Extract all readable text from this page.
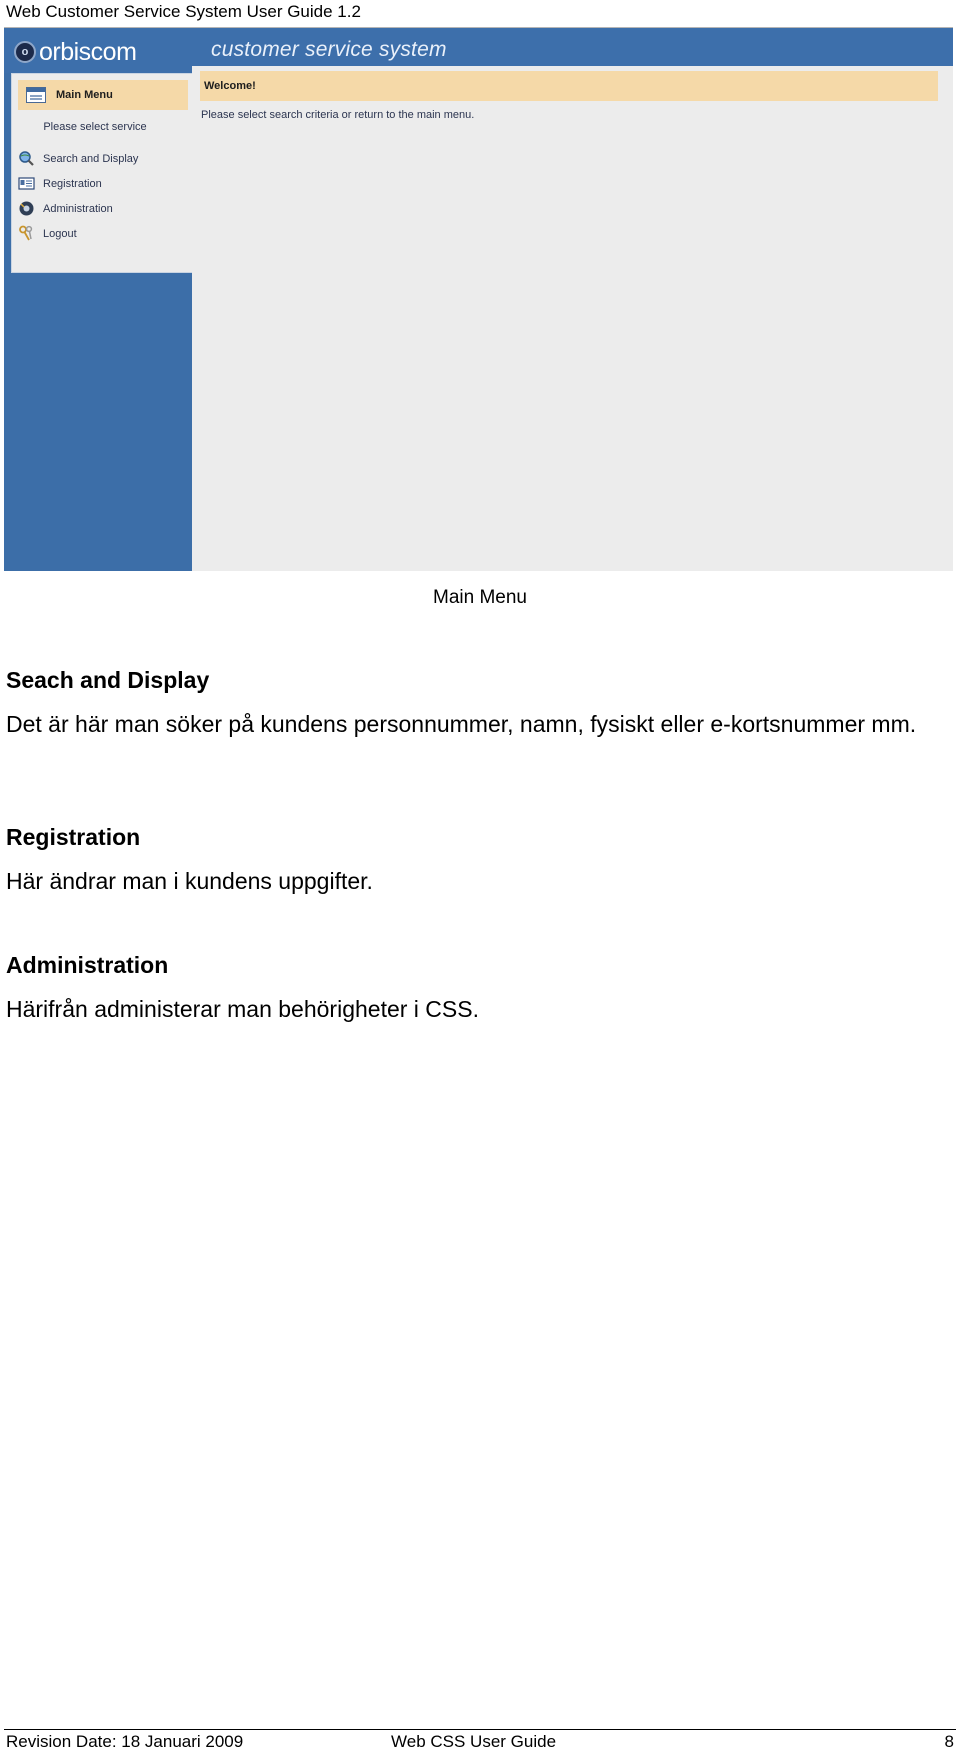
Web Customer Service System User Guide 1.2
o orbiscom	customer service system
Main Menu
Please select service
Search and Display
Registration
Administration
Logout
Welcome!
Please select search criteria or return to the main menu.
Main Menu
Seach and Display
Det är här man söker på kundens personnummer, namn, fysiskt eller e-kortsnummer mm.
Registration
Här ändrar man i kundens uppgifter.
Administration
Härifrån administerar man behörigheter i CSS.
Revision Date: 18 Januari 2009	Web CSS User Guide	8
